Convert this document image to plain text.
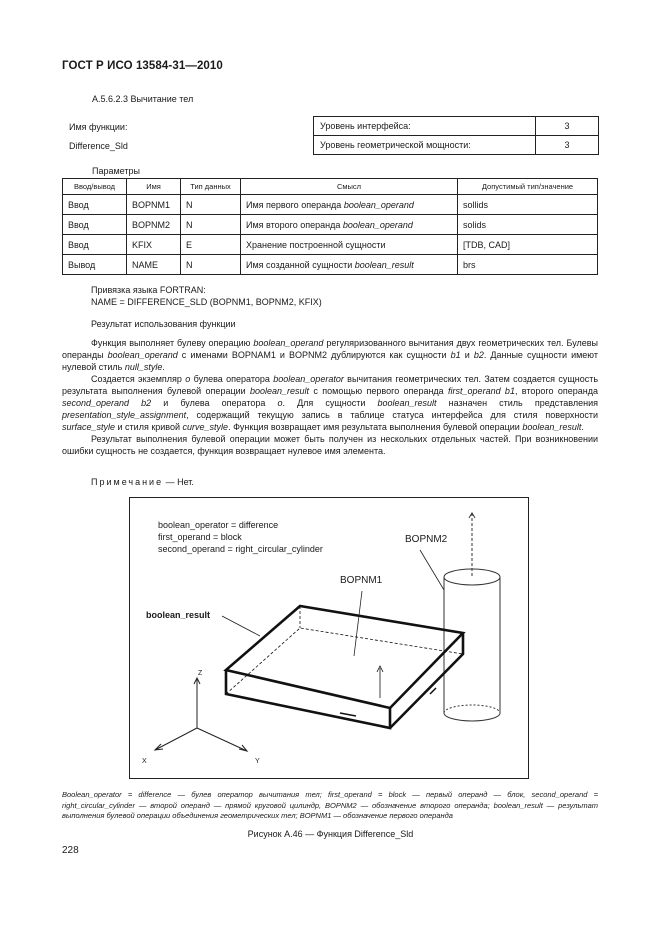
ГОСТ Р ИСО 13584-31—2010
A.5.6.2.3 Вычитание тел
Имя функции:
Difference_Sld
Уровень интерфейса:	3
Уровень геометрической мощности:	3
Параметры
Ввод/вывод	Имя	Тип данных	Смысл	Допустимый тип/значение
Ввод	BOPNM1	N	Имя первого операнда boolean_operand	sollids
Ввод	BOPNM2	N	Имя второго операнда boolean_operand	solids
Ввод	KFIX	E	Хранение построенной сущности	[TDB, CAD]
Вывод	NAME	N	Имя созданной сущности boolean_result	brs
Привязка языка FORTRAN:
NAME = DIFFERENCE_SLD (BOPNM1, BOPNM2, KFIX)
Результат использования функции

Функция выполняет булеву операцию boolean_operand регуляризованного вычитания двух геометрических тел. Булевы операнды boolean_operand с именами BOPNAM1 и BOPNM2 дублируются как сущности b1 и b2. Данные сущности имеют нулевой стиль null_style.

Создается экземпляр o булева оператора boolean_operator вычитания геометрических тел. Затем создается сущность результата выполнения булевой операции boolean_result с помощью первого операнда first_operand b1, второго операнда second_operand b2 и булева оператора o. Для сущности boolean_result назначен стиль представления presentation_style_assignment, содержащий текущую запись в таблице статуса интерфейса для стиля поверхности surface_style и стиля кривой curve_style. Функция возвращает имя результата выполнения булевой операции boolean_result.

Результат выполнения булевой операции может быть получен из нескольких отдельных частей. При возникновении ошибки сущность не создается, функция возвращает нулевое имя элемента.

Примечание — Нет.
boolean_operator = difference
first_operand = block
second_operand = right_circular_cylinder
BOPNM2
BOPNM1
boolean_result
Z
X	Y
Boolean_operator = difference — булев оператор вычитания тел; first_operand = block — первый операнд — блок, second_operand = right_circular_cylinder — второй операнд — прямой круговой цилиндр, BOPNM2 — обозначение второго операнда; boolean_result — результат выполнения булевой операции объединения геометрических тел; BOPNM1 — обозначение первого операнда
Рисунок А.46 — Функция Difference_Sld
228
